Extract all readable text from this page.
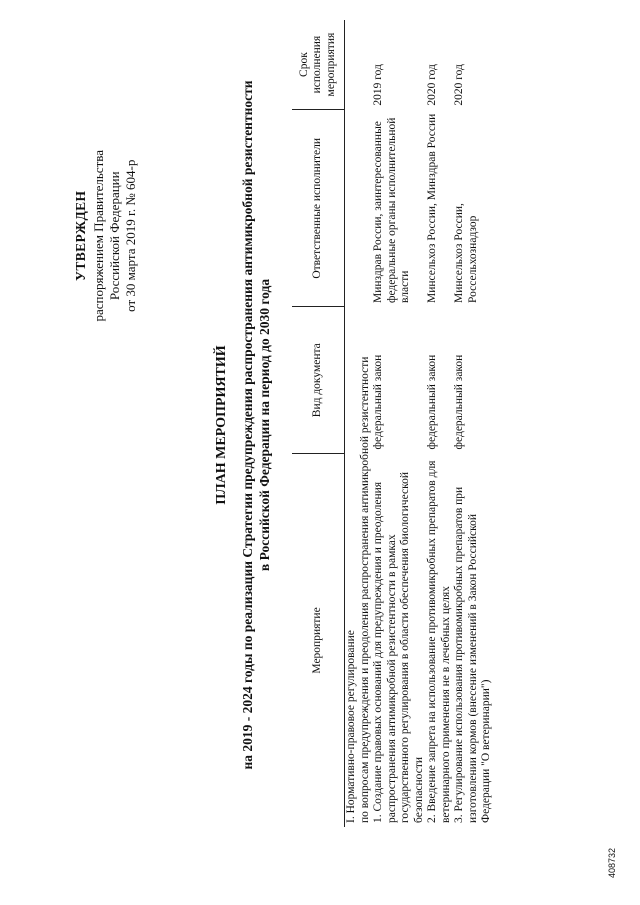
УТВЕРЖДЕН распоряжением Правительства Российской Федерации от 30 марта 2019 г. № 604-р
ПЛАН МЕРОПРИЯТИЙ на 2019 - 2024 годы по реализации Стратегии предупреждения распространения антимикробной резистентности в Российской Федерации на период до 2030 года
Мероприятие	Вид документа	Ответственные исполнители	Срок исполнения мероприятия

I. Нормативно-правовое регулирование по вопросам предупреждения и преодоления распространения антимикробной резистентности			

1. Создание правовых оснований для предупреждения и преодоления распространения антимикробной резистентности в рамках государственного регулирования в области обеспечения биологической безопасности	федеральный закон	Минздрав России, заинтересованные федеральные органы исполнительной власти	2019 год
2. Введение запрета на использование противомикробных препаратов для ветеринарного применения не в лечебных целях	федеральный закон	Минсельхоз России, Минздрав России	2020 год
3. Регулирование использования противомикробных препаратов при изготовлении кормов (внесение изменений в Закон Российской Федерации "О ветеринарии")	федеральный закон	Минсельхоз России, Россельхознадзор	2020 год
408732
